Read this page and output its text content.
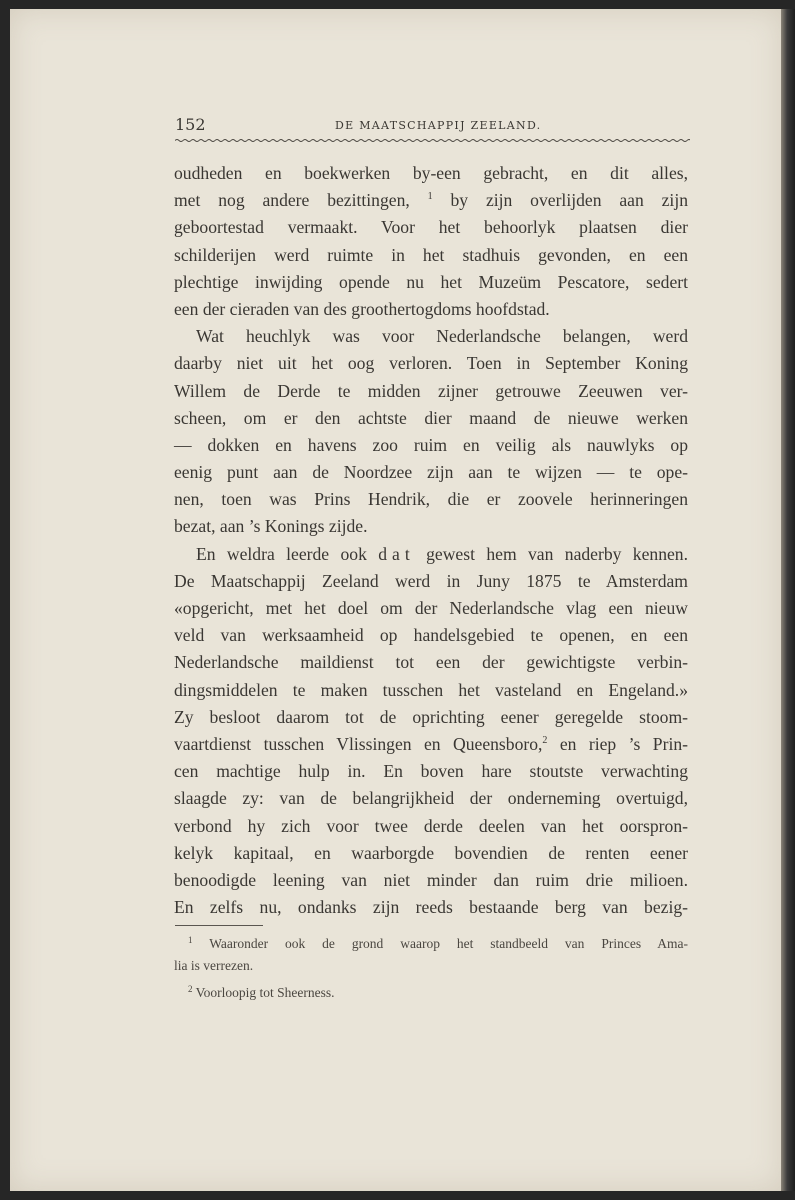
152	DE MAATSCHAPPIJ ZEELAND.
oudheden en boekwerken by-een gebracht, en dit alles,
met nog andere bezittingen, $^1$ by zijn overlijden aan zijn
geboortestad vermaakt. Voor het behoorlyk plaatsen dier
schilderijen werd ruimte in het stadhuis gevonden, en een
plechtige inwijding opende nu het Muzeüm Pescatore, sedert
een der cieraden van des groothertogdoms hoofdstad.
Wat heuchlyk was voor Nederlandsche belangen, werd
daarby niet uit het oog verloren. Toen in September Koning
Willem de Derde te midden zijner getrouwe Zeeuwen ver-
scheen, om er den achtste dier maand de nieuwe werken
— dokken en havens zoo ruim en veilig als nauwlyks op
eenig punt aan de Noordzee zijn aan te wijzen — te ope-
nen, toen was Prins Hendrik, die er zoovele herinneringen
bezat, aan ’s Konings zijde.
En weldra leerde ook dat gewest hem van naderby kennen.
De Maatschappij Zeeland werd in Juny 1875 te Amsterdam
«opgericht, met het doel om der Nederlandsche vlag een nieuw
veld van werksaamheid op handelsgebied te openen, en een
Nederlandsche maildienst tot een der gewichtigste verbin-
dingsmiddelen te maken tusschen het vasteland en Engeland.»
Zy besloot daarom tot de oprichting eener geregelde stoom-
vaartdienst tusschen Vlissingen en Queensboro,$^2$ en riep ’s Prin-
cen machtige hulp in. En boven hare stoutste verwachting
slaagde zy: van de belangrijkheid der onderneming overtuigd,
verbond hy zich voor twee derde deelen van het oorspron-
kelyk kapitaal, en waarborgde bovendien de renten eener
benoodigde leening van niet minder dan ruim drie milioen.
En zelfs nu, ondanks zijn reeds bestaande berg van bezig-
$^1$ Waaronder ook de grond waarop het standbeeld van Princes Ama-
lia is verrezen.
$^2$ Voorloopig tot Sheerness.
